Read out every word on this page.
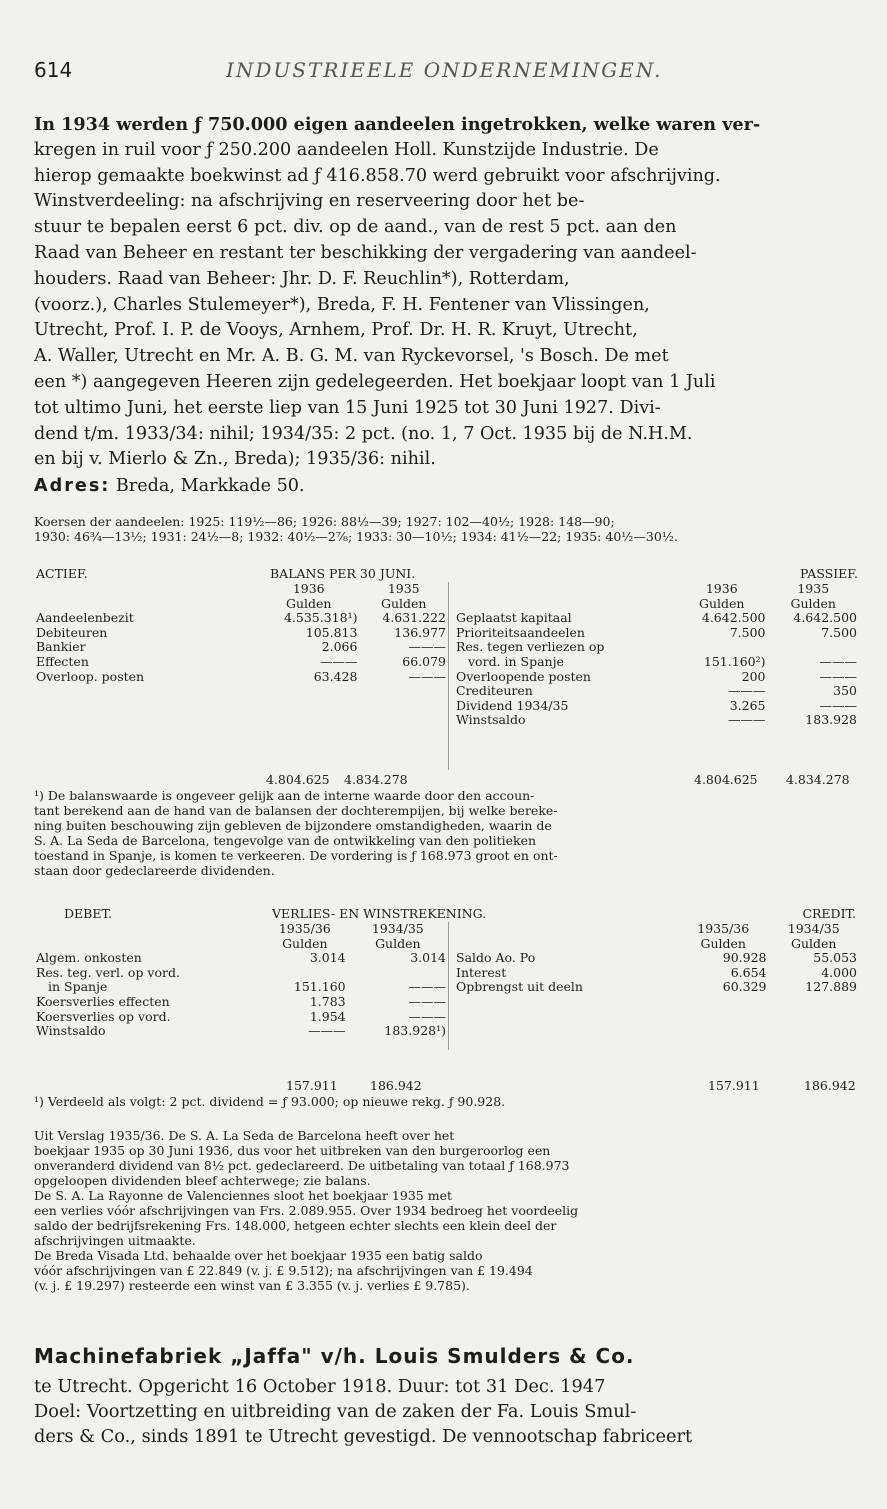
614	INDUSTRIEELE ONDERNEMINGEN.
In 1934 werden ƒ 750.000 eigen aandeelen ingetrokken, welke waren ver-
kregen in ruil voor ƒ 250.200 aandeelen Holl. Kunstzijde Industrie. De
hierop gemaakte boekwinst ad ƒ 416.858.70 werd gebruikt voor afschrijving.
Winstverdeeling: na afschrijving en reserveering door het be-
stuur te bepalen eerst 6 pct. div. op de aand., van de rest 5 pct. aan den
Raad van Beheer en restant ter beschikking der vergadering van aandeel-
houders. Raad van Beheer: Jhr. D. F. Reuchlin*), Rotterdam,
(voorz.), Charles Stulemeyer*), Breda, F. H. Fentener van Vlissingen,
Utrecht, Prof. I. P. de Vooys, Arnhem, Prof. Dr. H. R. Kruyt, Utrecht,
A. Waller, Utrecht en Mr. A. B. G. M. van Ryckevorsel, 's Bosch. De met
een *) aangegeven Heeren zijn gedelegeerden. Het boekjaar loopt van 1 Juli
tot ultimo Juni, het eerste liep van 15 Juni 1925 tot 30 Juni 1927. Divi-
dend t/m. 1933/34: nihil; 1934/35: 2 pct. (no. 1, 7 Oct. 1935 bij de N.H.M.
en bij v. Mierlo & Zn., Breda); 1935/36: nihil.
Adres: Breda, Markkade 50.
Koersen der aandeelen: 1925: 119½—86; 1926: 88½—39; 1927: 102—40½; 1928: 148—90;
1930: 46¾—13½; 1931: 24½—8; 1932: 40½—2⅞; 1933: 30—10½; 1934: 41½—22; 1935: 40½—30½.
ACTIEF.	BALANS PER 30 JUNI.	PASSIEF.
	1936	1935
	Gulden	Gulden
Aandeelenbezit	4.535.318¹)	4.631.222
Debiteuren	105.813	136.977
Bankier	2.066	———
Effecten	———	66.079
Overloop. posten	63.428	———
	1936	1935
	Gulden	Gulden
Geplaatst kapitaal	4.642.500	4.642.500
Prioriteitsaandeelen	7.500	7.500
Res. tegen verliezen op		
vord. in Spanje	151.160²)	———
Overloopende posten	200	———
Crediteuren	———	350
Dividend 1934/35	3.265	———
Winstsaldo	———	183.928
4.804.625 4.834.278	4.804.625 4.834.278
¹) De balanswaarde is ongeveer gelijk aan de interne waarde door den accoun-
tant berekend aan de hand van de balansen der dochterempijen, bij welke bereke-
ning buiten beschouwing zijn gebleven de bijzondere omstandigheden, waarin de
S. A. La Seda de Barcelona, tengevolge van de ontwikkeling van den politieken
toestand in Spanje, is komen te verkeeren. De vordering is ƒ 168.973 groot en ont-
staan door gedeclareerde dividenden.
DEBET.	VERLIES- EN WINSTREKENING.	CREDIT.
	1935/36	1934/35
	Gulden	Gulden
Algem. onkosten	3.014	3.014
Res. teg. verl. op vord.		
in Spanje	151.160	———
Koersverlies effecten	1.783	———
Koersverlies op vord.	1.954	———
Winstsaldo	———	183.928¹)
	1935/36	1934/35
	Gulden	Gulden
Saldo Ao. Po	90.928	55.053
Interest	6.654	4.000
Opbrengst uit deeln	60.329	127.889
157.911	186.942	157.911	186.942
¹) Verdeeld als volgt: 2 pct. dividend = ƒ 93.000; op nieuwe rekg. ƒ 90.928.
Uit Verslag 1935/36. De S. A. La Seda de Barcelona heeft over het
boekjaar 1935 op 30 Juni 1936, dus voor het uitbreken van den burgeroorlog een
onveranderd dividend van 8½ pct. gedeclareerd. De uitbetaling van totaal ƒ 168.973
opgeloopen dividenden bleef achterwege; zie balans.
De S. A. La Rayonne de Valenciennes sloot het boekjaar 1935 met
een verlies vóór afschrijvingen van Frs. 2.089.955. Over 1934 bedroeg het voordeelig
saldo der bedrijfsrekening Frs. 148.000, hetgeen echter slechts een klein deel der
afschrijvingen uitmaakte.
De Breda Visada Ltd. behaalde over het boekjaar 1935 een batig saldo
vóór afschrijvingen van £ 22.849 (v. j. £ 9.512); na afschrijvingen van £ 19.494
(v. j. £ 19.297) resteerde een winst van £ 3.355 (v. j. verlies £ 9.785).
Machinefabriek „Jaffa" v/h. Louis Smulders & Co.
te Utrecht. Opgericht 16 October 1918. Duur: tot 31 Dec. 1947
Doel: Voortzetting en uitbreiding van de zaken der Fa. Louis Smul-
ders & Co., sinds 1891 te Utrecht gevestigd. De vennootschap fabriceert
